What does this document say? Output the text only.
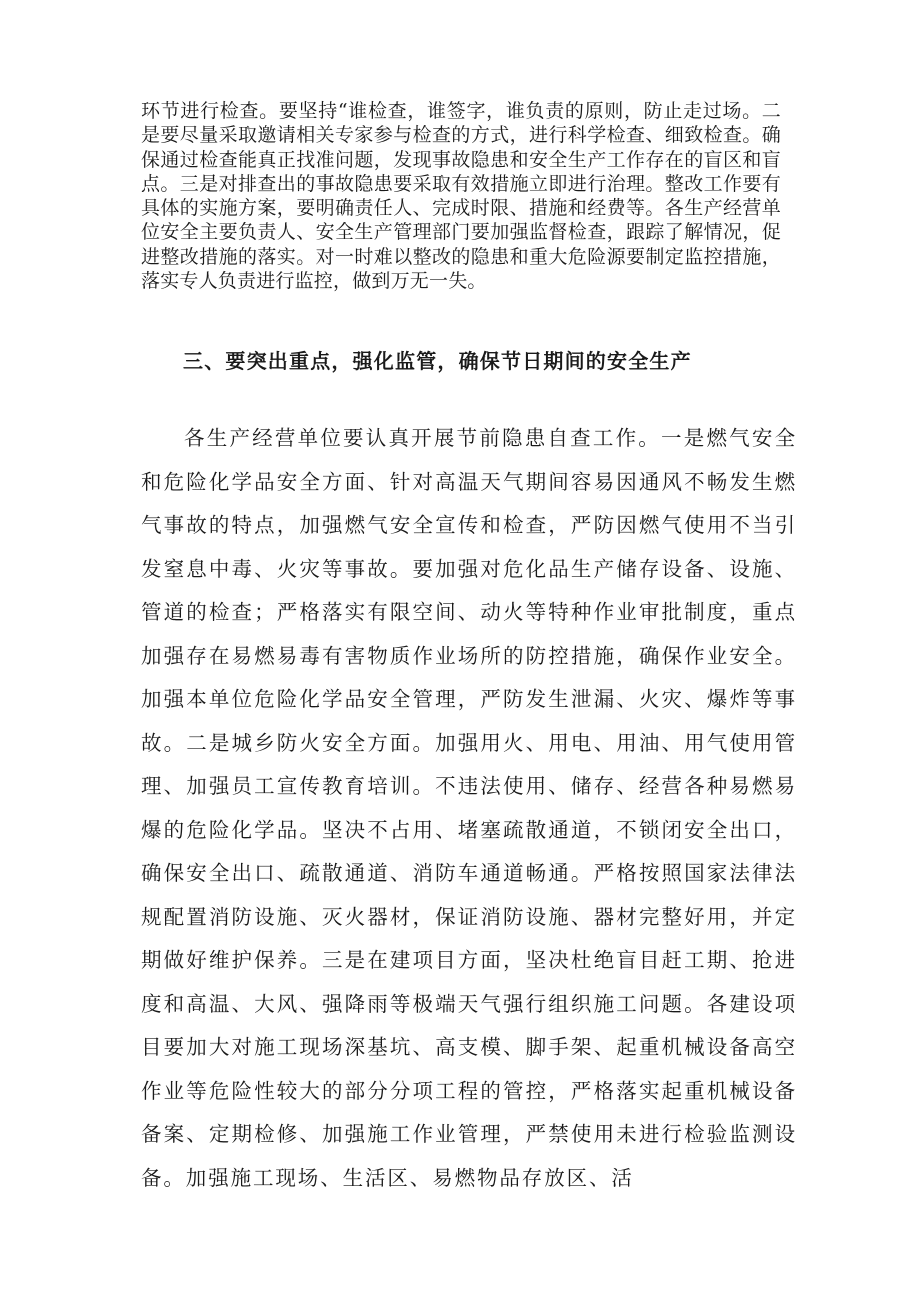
环节进行检查。要坚持“谁检查，谁签字，谁负责的原则，防止走过场。二是要尽量采取邀请相关专家参与检查的方式，进行科学检查、细致检查。确保通过检查能真正找准问题，发现事故隐患和安全生产工作存在的盲区和盲点。三是对排查出的事故隐患要采取有效措施立即进行治理。整改工作要有具体的实施方案，要明确责任人、完成时限、措施和经费等。各生产经营单位安全主要负责人、安全生产管理部门要加强监督检查，跟踪了解情况，促进整改措施的落实。对一时难以整改的隐患和重大危险源要制定监控措施，落实专人负责进行监控，做到万无一失。

三、要突出重点，强化监管，确保节日期间的安全生产

各生产经营单位要认真开展节前隐患自查工作。一是燃气安全和危险化学品安全方面、针对高温天气期间容易因通风不畅发生燃气事故的特点，加强燃气安全宣传和检查，严防因燃气使用不当引发窒息中毒、火灾等事故。要加强对危化品生产储存设备、设施、管道的检查；严格落实有限空间、动火等特种作业审批制度，重点加强存在易燃易毒有害物质作业场所的防控措施，确保作业安全。加强本单位危险化学品安全管理，严防发生泄漏、火灾、爆炸等事故。二是城乡防火安全方面。加强用火、用电、用油、用气使用管理、加强员工宣传教育培训。不违法使用、储存、经营各种易燃易爆的危险化学品。坚决不占用、堵塞疏散通道，不锁闭安全出口，确保安全出口、疏散通道、消防车通道畅通。严格按照国家法律法规配置消防设施、灭火器材，保证消防设施、器材完整好用，并定期做好维护保养。三是在建项目方面，坚决杜绝盲目赶工期、抢进度和高温、大风、强降雨等极端天气强行组织施工问题。各建设项目要加大对施工现场深基坑、高支模、脚手架、起重机械设备高空作业等危险性较大的部分分项工程的管控，严格落实起重机械设备备案、定期检修、加强施工作业管理，严禁使用未进行检验监测设备。加强施工现场、生活区、易燃物品存放区、活
